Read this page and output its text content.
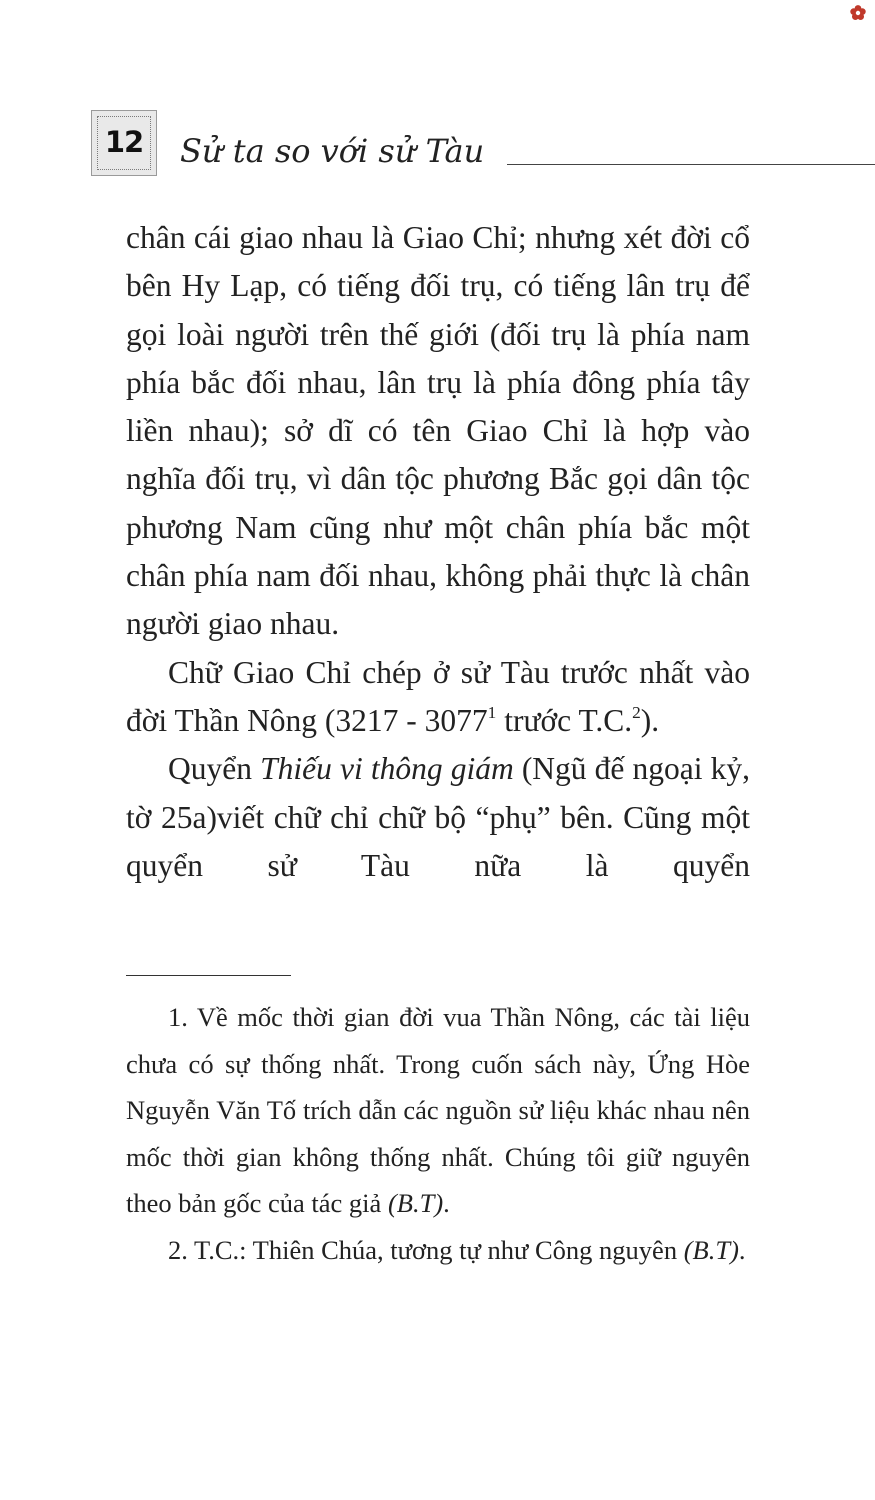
12	Sử ta so với sử Tàu

chân cái giao nhau là Giao Chỉ; nhưng xét đời cổ bên Hy Lạp, có tiếng đối trụ, có tiếng lân trụ để gọi loài người trên thế giới (đối trụ là phía nam phía bắc đối nhau, lân trụ là phía đông phía tây liền nhau); sở dĩ có tên Giao Chỉ là hợp vào nghĩa đối trụ, vì dân tộc phương Bắc gọi dân tộc phương Nam cũng như một chân phía bắc một chân phía nam đối nhau, không phải thực là chân người giao nhau.

Chữ Giao Chỉ chép ở sử Tàu trước nhất vào đời Thần Nông (3217 - 3077$^1$ trước T.C.$^2$).

Quyển Thiếu vi thông giám (Ngũ đế ngoại kỷ, tờ 25a)viết chữ chỉ chữ bộ “phụ” bên. Cũng một quyển sử Tàu nữa là quyển

1. Về mốc thời gian đời vua Thần Nông, các tài liệu chưa có sự thống nhất. Trong cuốn sách này, Ứng Hòe Nguyễn Văn Tố trích dẫn các nguồn sử liệu khác nhau nên mốc thời gian không thống nhất. Chúng tôi giữ nguyên theo bản gốc của tác giả (B.T).

2. T.C.: Thiên Chúa, tương tự như Công nguyên (B.T).
